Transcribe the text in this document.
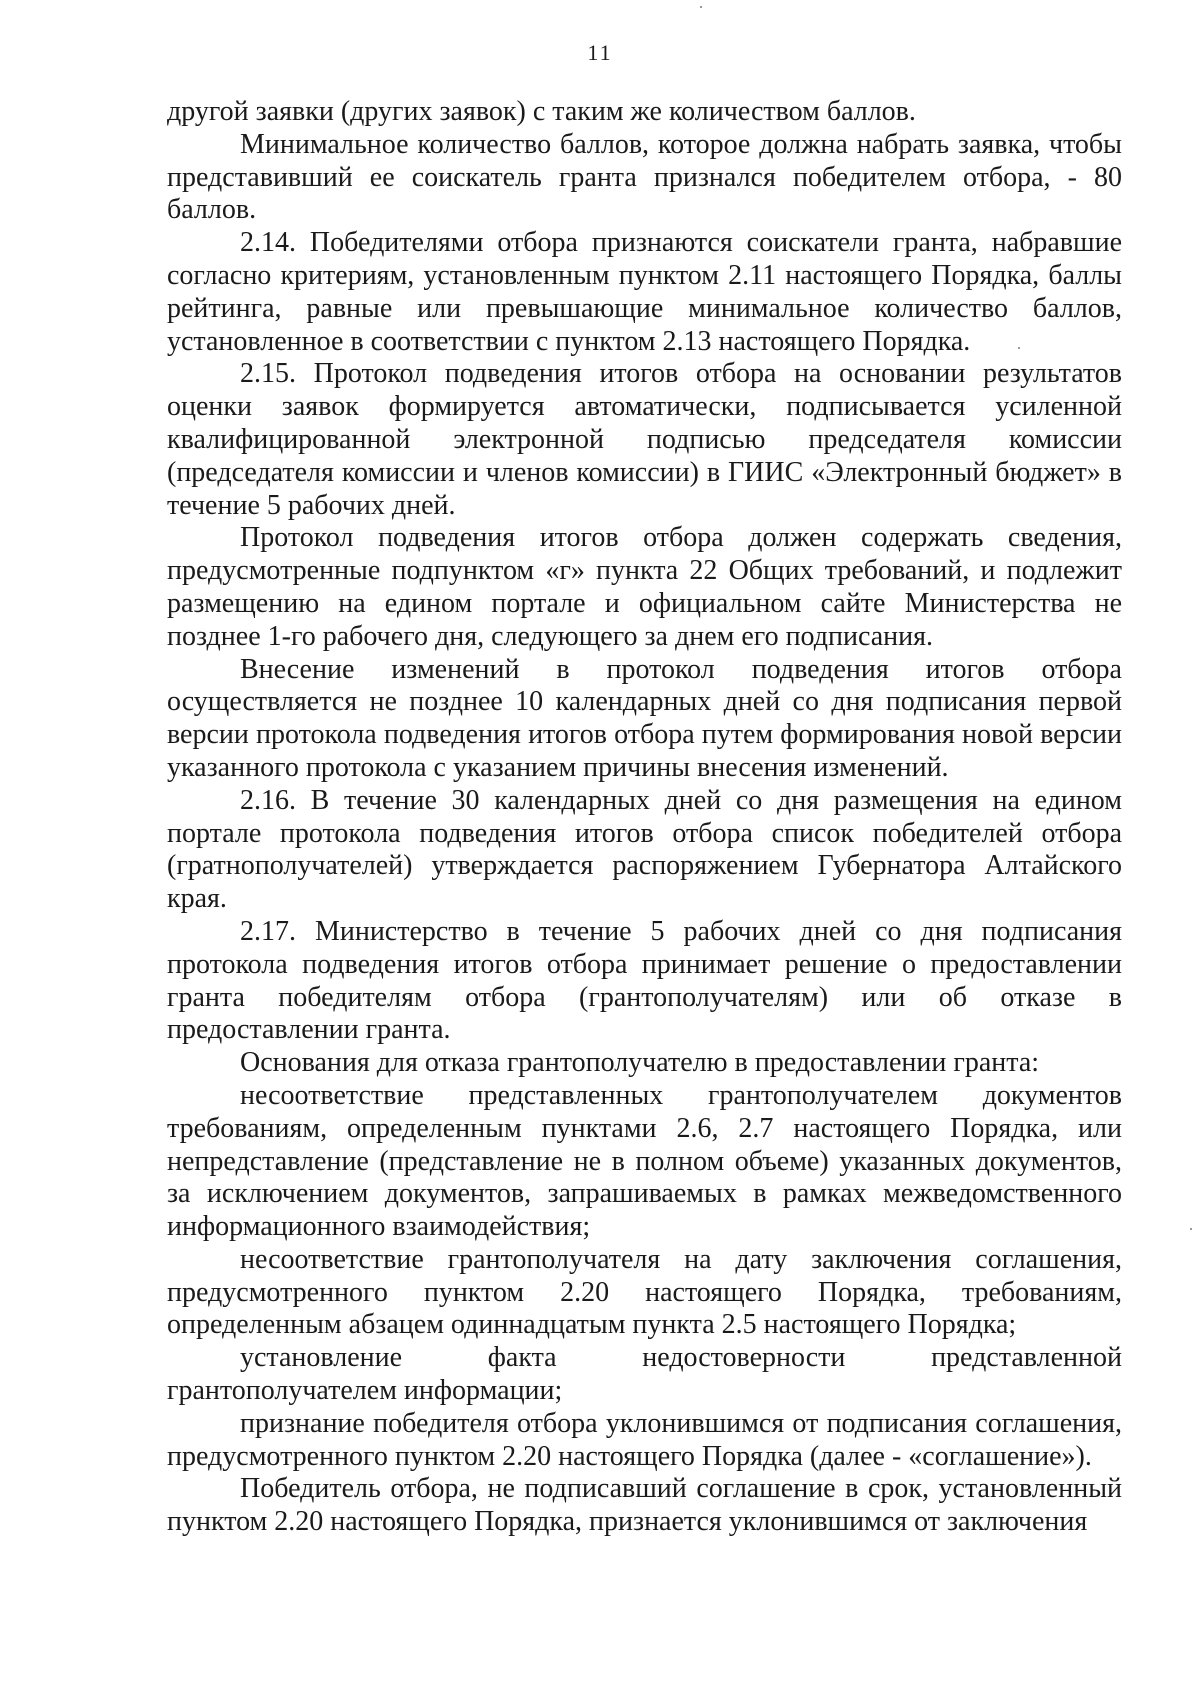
11

другой заявки (других заявок) с таким же количеством баллов.

Минимальное количество баллов, которое должна набрать заявка, чтобы представивший ее соискатель гранта признался победителем отбора, - 80 баллов.

2.14. Победителями отбора признаются соискатели гранта, набравшие согласно критериям, установленным пунктом 2.11 настоящего Порядка, баллы рейтинга, равные или превышающие минимальное количество баллов, установленное в соответствии с пунктом 2.13 настоящего Порядка.

2.15. Протокол подведения итогов отбора на основании результатов оценки заявок формируется автоматически, подписывается усиленной квалифицированной электронной подписью председателя комиссии (председателя комиссии и членов комиссии) в ГИИС «Электронный бюджет» в течение 5 рабочих дней.

Протокол подведения итогов отбора должен содержать сведения, предусмотренные подпунктом «г» пункта 22 Общих требований, и подлежит размещению на едином портале и официальном сайте Министерства не позднее 1-го рабочего дня, следующего за днем его подписания.

Внесение изменений в протокол подведения итогов отбора осуществляется не позднее 10 календарных дней со дня подписания первой версии протокола подведения итогов отбора путем формирования новой версии указанного протокола с указанием причины внесения изменений.

2.16. В течение 30 календарных дней со дня размещения на едином портале протокола подведения итогов отбора список победителей отбора (гратнополучателей) утверждается распоряжением Губернатора Алтайского края.

2.17. Министерство в течение 5 рабочих дней со дня подписания протокола подведения итогов отбора принимает решение о предоставлении гранта победителям отбора (грантополучателям) или об отказе в предоставлении гранта.

Основания для отказа грантополучателю в предоставлении гранта:

несоответствие представленных грантополучателем документов требованиям, определенным пунктами 2.6, 2.7 настоящего Порядка, или непредставление (представление не в полном объеме) указанных документов, за исключением документов, запрашиваемых в рамках межведомственного информационного взаимодействия;

несоответствие грантополучателя на дату заключения соглашения, предусмотренного пунктом 2.20 настоящего Порядка, требованиям, определенным абзацем одиннадцатым пункта 2.5 настоящего Порядка;

установление факта недостоверности представленной грантополучателем информации;

признание победителя отбора уклонившимся от подписания соглашения, предусмотренного пунктом 2.20 настоящего Порядка (далее - «соглашение»).

Победитель отбора, не подписавший соглашение в срок, установленный пунктом 2.20 настоящего Порядка, признается уклонившимся от заключения
